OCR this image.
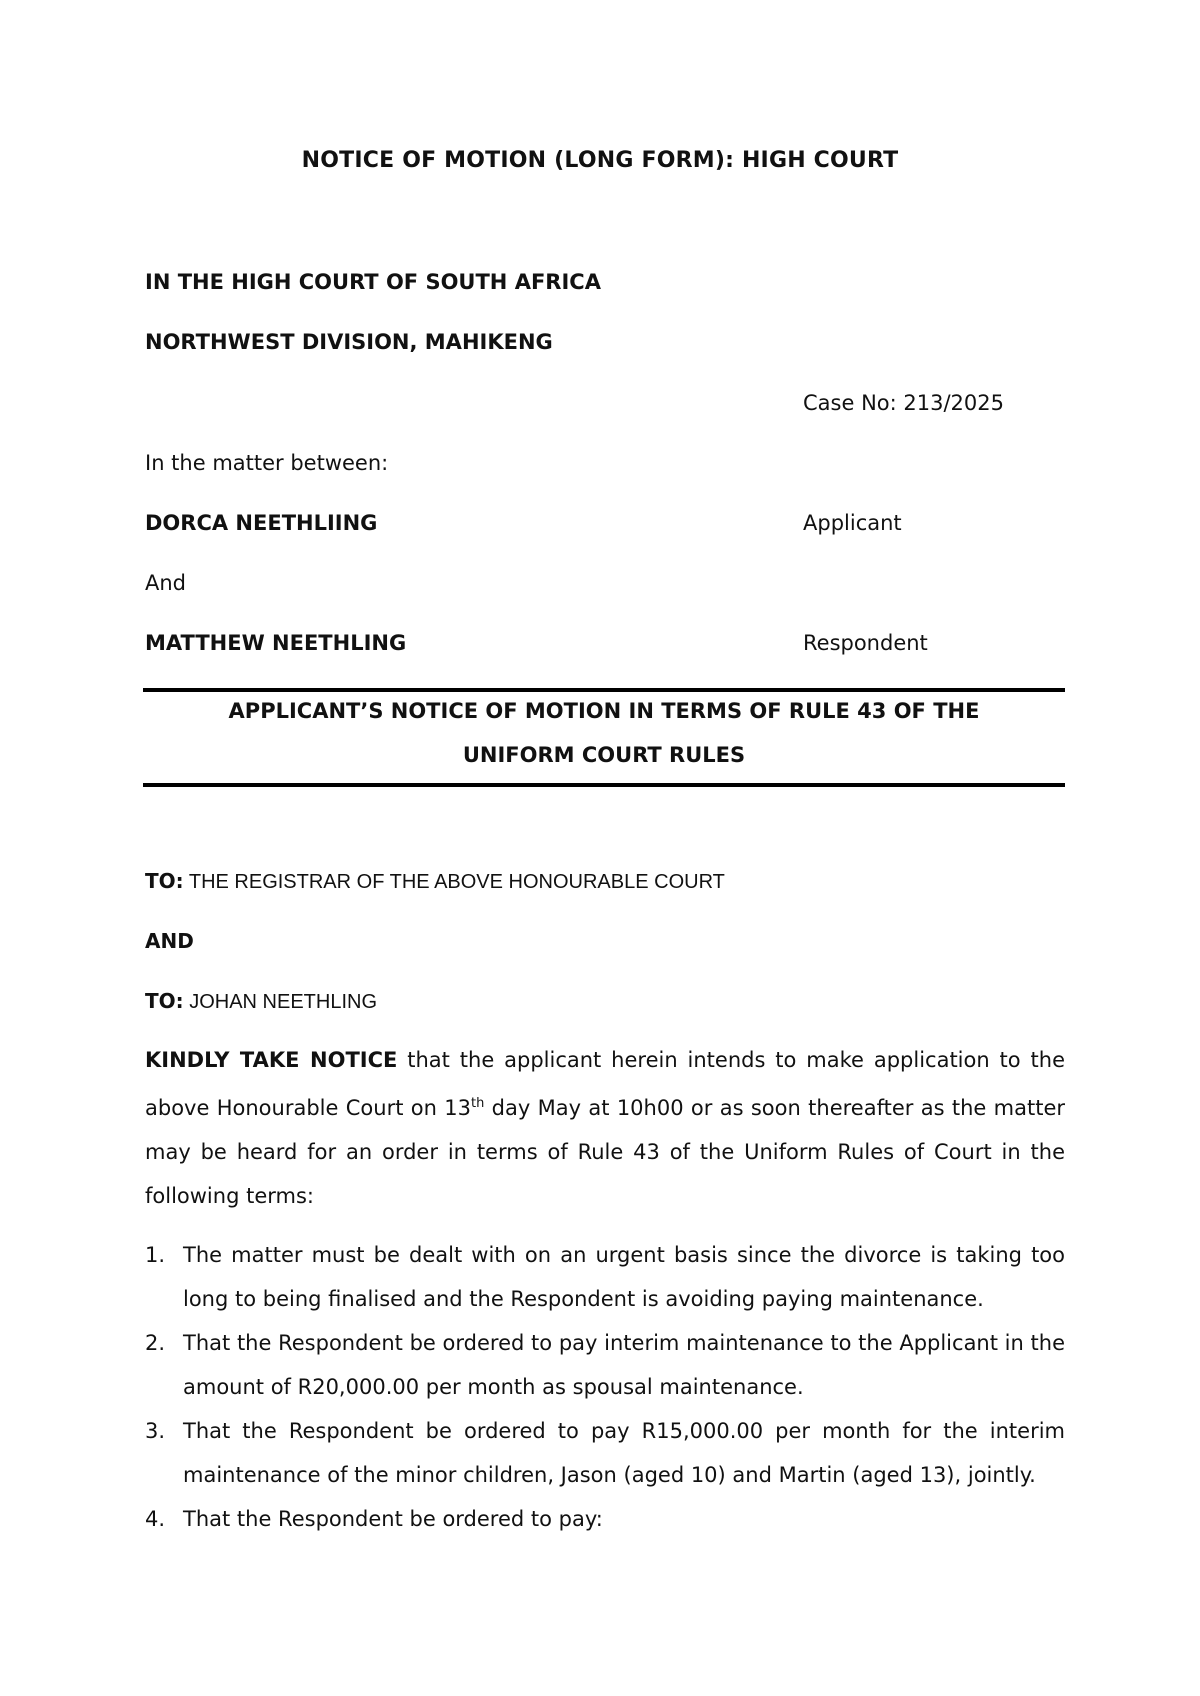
NOTICE OF MOTION (LONG FORM): HIGH COURT
IN THE HIGH COURT OF SOUTH AFRICA
NORTHWEST DIVISION, MAHIKENG
Case No: 213/2025
In the matter between:
DORCA NEETHLIING	Applicant
And
MATTHEW NEETHLING	Respondent
APPLICANT’S NOTICE OF MOTION IN TERMS OF RULE 43 OF THE
UNIFORM COURT RULES
TO: THE REGISTRAR OF THE ABOVE HONOURABLE COURT
AND
TO: JOHAN NEETHLING
KINDLY TAKE NOTICE that the applicant herein intends to make application to the above Honourable Court on 13th day May at 10h00 or as soon thereafter as the matter may be heard for an order in terms of Rule 43 of the Uniform Rules of Court in the following terms:
1. The matter must be dealt with on an urgent basis since the divorce is taking too long to being finalised and the Respondent is avoiding paying maintenance.
2. That the Respondent be ordered to pay interim maintenance to the Applicant in the amount of R20,000.00 per month as spousal maintenance.
3. That the Respondent be ordered to pay R15,000.00 per month for the interim maintenance of the minor children, Jason (aged 10) and Martin (aged 13), jointly.
4. That the Respondent be ordered to pay:
